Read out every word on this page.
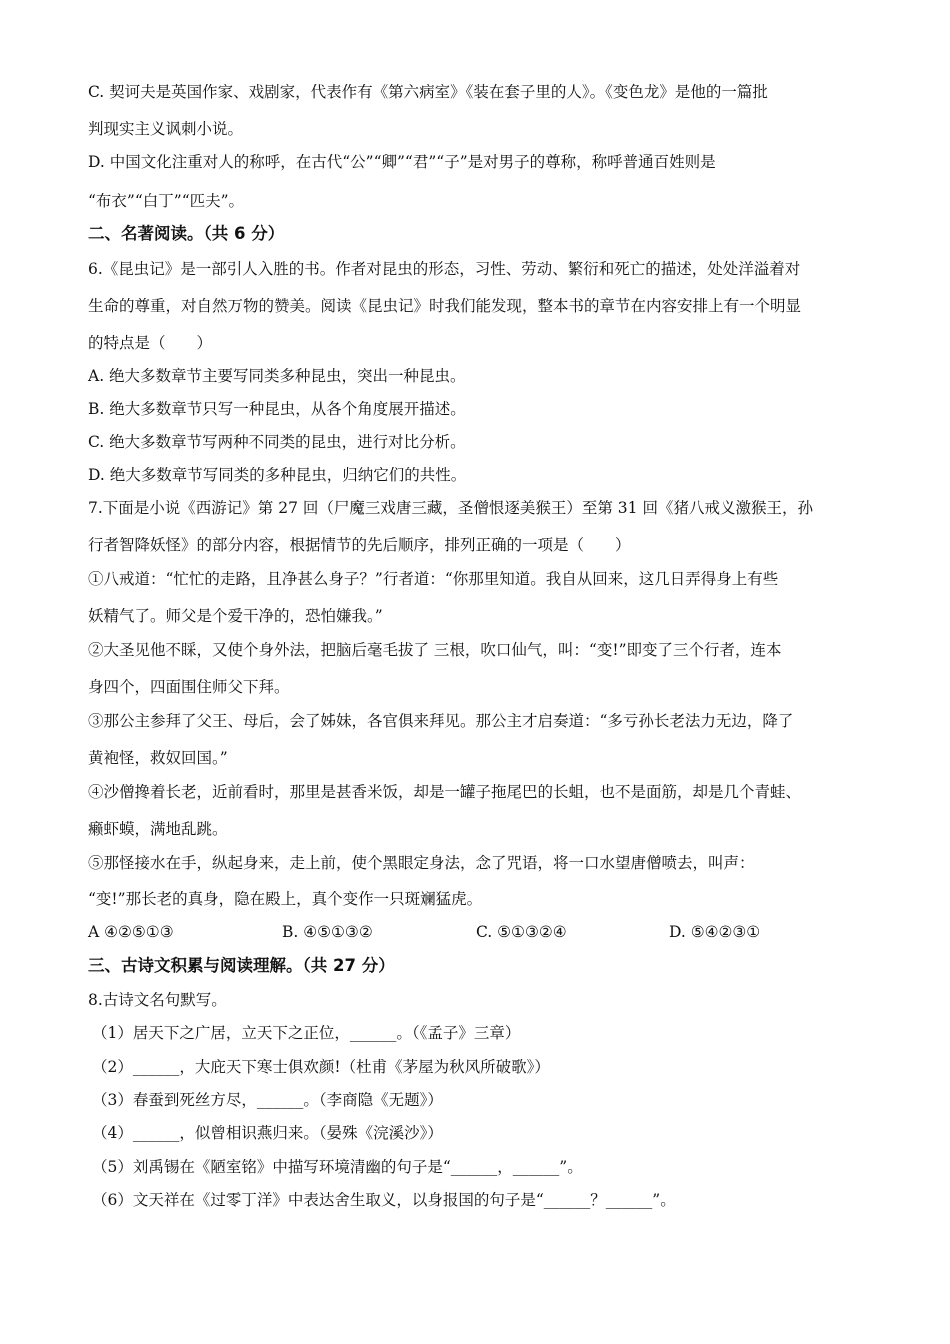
C. 契诃夫是英国作家、戏剧家，代表作有《第六病室》《装在套子里的人》。《变色龙》是他的一篇批
判现实主义讽刺小说。
D. 中国文化注重对人的称呼，在古代“公”“卿”“君”“子”是对男子的尊称，称呼普通百姓则是
“布衣”“白丁”“匹夫”。
二、名著阅读。（共 6 分）
6.《昆虫记》是一部引人入胜的书。作者对昆虫的形态，习性、劳动、繁衍和死亡的描述，处处洋溢着对
生命的尊重，对自然万物的赞美。阅读《昆虫记》时我们能发现，整本书的章节在内容安排上有一个明显
的特点是（　　）
A. 绝大多数章节主要写同类多种昆虫，突出一种昆虫。
B. 绝大多数章节只写一种昆虫，从各个角度展开描述。
C. 绝大多数章节写两种不同类的昆虫，进行对比分析。
D. 绝大多数章节写同类的多种昆虫，归纳它们的共性。
7.下面是小说《西游记》第 27 回（尸魔三戏唐三藏，圣僧恨逐美猴王）至第 31 回《猪八戒义激猴王，孙
行者智降妖怪》的部分内容，根据情节的先后顺序，排列正确的一项是（　　）
①八戒道：“忙忙的走路，且净甚么身子？”行者道：“你那里知道。我自从回来，这几日弄得身上有些
妖精气了。师父是个爱干净的，恐怕嫌我。”
②大圣见他不睬，又使个身外法，把脑后毫毛拔了 三根，吹口仙气，叫：“变!”即变了三个行者，连本
身四个，四面围住师父下拜。
③那公主参拜了父王、母后，会了姊妹，各官俱来拜见。那公主才启奏道：“多亏孙长老法力无边，降了
黄袍怪，救奴回国。”
④沙僧搀着长老，近前看时，那里是甚香米饭，却是一罐子拖尾巴的长蛆，也不是面筋，却是几个青蛙、
癞虾蟆，满地乱跳。
⑤那怪接水在手，纵起身来，走上前，使个黑眼定身法，念了咒语，将一口水望唐僧喷去，叫声：
“变!”那长老的真身，隐在殿上，真个变作一只斑斓猛虎。
A ④②⑤①③	B. ④⑤①③②	C. ⑤①③②④	D. ⑤④②③①
三、古诗文积累与阅读理解。（共 27 分）
8.古诗文名句默写。
（1）居天下之广居，立天下之正位，______。（《孟子》三章）
（2）______，大庇天下寒士俱欢颜!（杜甫《茅屋为秋风所破歌》）
（3）春蚕到死丝方尽，______。（李商隐《无题》）
（4）______，似曾相识燕归来。（晏殊《浣溪沙》）
（5）刘禹锡在《陋室铭》中描写环境清幽的句子是“______，______”。
（6）文天祥在《过零丁洋》中表达舍生取义，以身报国的句子是“______？______”。
